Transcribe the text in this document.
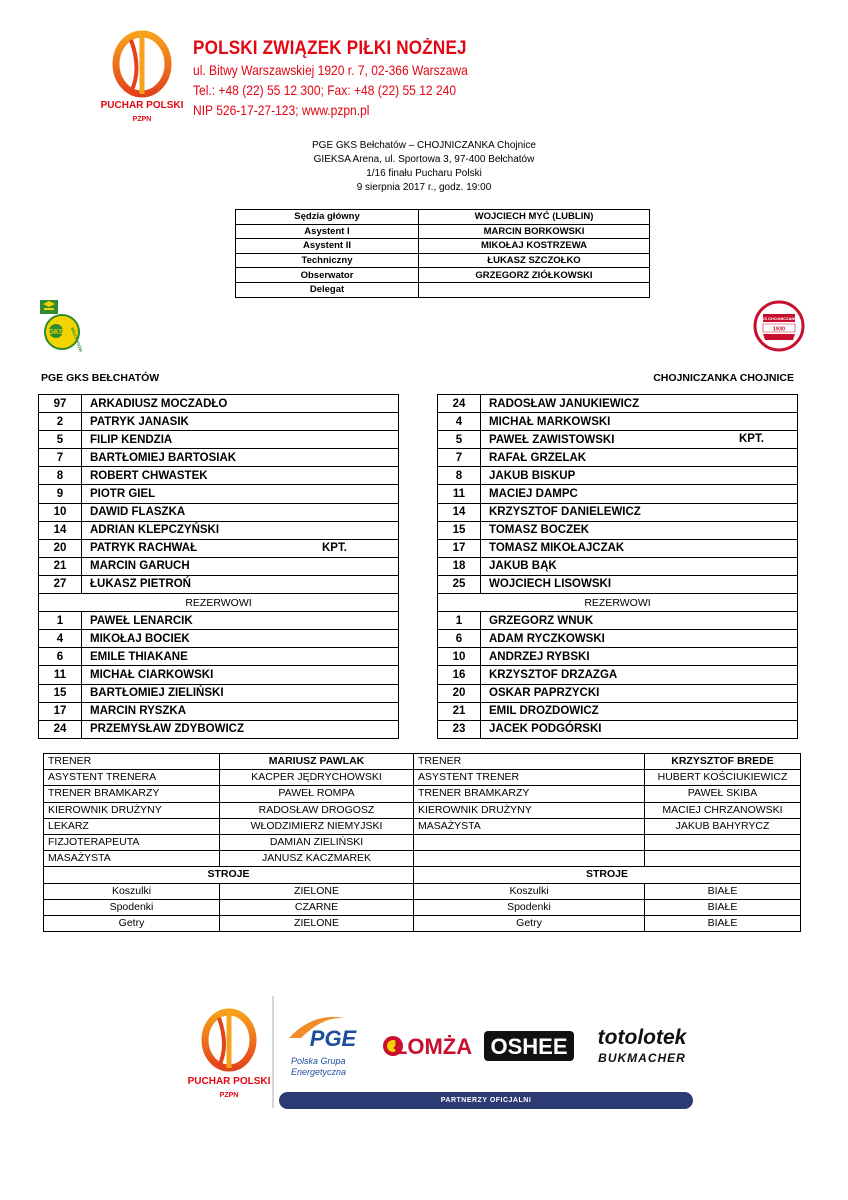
PUCHAR POLSKI
PZPN
POLSKI ZWIĄZEK PIŁKI NOŻNEJ
ul. Bitwy Warszawskiej 1920 r. 7, 02-366 Warszawa
Tel.: +48 (22) 55 12 300; Fax: +48 (22) 55 12 240
NIP 526-17-27-123; www.pzpn.pl
PGE GKS Bełchatów – CHOJNICZANKA Chojnice
GIEKSA Arena, ul. Sportowa 3, 97-400 Bełchatów
1/16 finału Pucharu Polski
9 sierpnia 2017 r., godz. 19:00
Sędzia główny	WOJCIECH MYĆ (LUBLIN)
Asystent I	MARCIN BORKOWSKI
Asystent II	MIKOŁAJ KOSTRZEWA
Techniczny	ŁUKASZ SZCZOŁKO
Obserwator	GRZEGORZ ZIÓŁKOWSKI
Delegat	
GKS BEŁCHATÓW
MKS CHOJNICZANKA
1930
PGE GKS BEŁCHATÓW	CHOJNICZANKA CHOJNICE
97	ARKADIUSZ MOCZADŁO
2	PATRYK JANASIK
5	FILIP KENDZIA
7	BARTŁOMIEJ BARTOSIAK
8	ROBERT CHWASTEK
9	PIOTR GIEL
10	DAWID FLASZKA
14	ADRIAN KLEPCZYŃSKI
20	PATRYK RACHWAŁ KPT.

21	MARCIN GARUCH
27	ŁUKASZ PIETROŃ
REZERWOWI	
1	PAWEŁ LENARCIK
4	MIKOŁAJ BOCIEK
6	EMILE THIAKANE
11	MICHAŁ CIARKOWSKI
15	BARTŁOMIEJ ZIELIŃSKI
17	MARCIN RYSZKA
24	PRZEMYSŁAW ZDYBOWICZ
24	RADOSŁAW JANUKIEWICZ
4	MICHAŁ MARKOWSKI
5	PAWEŁ ZAWISTOWSKI KPT.

7	RAFAŁ GRZELAK
8	JAKUB BISKUP
11	MACIEJ DAMPC
14	KRZYSZTOF DANIELEWICZ
15	TOMASZ BOCZEK
17	TOMASZ MIKOŁAJCZAK
18	JAKUB BĄK
25	WOJCIECH LISOWSKI
REZERWOWI	
1	GRZEGORZ WNUK
6	ADAM RYCZKOWSKI
10	ANDRZEJ RYBSKI
16	KRZYSZTOF DRZAZGA
20	OSKAR PAPRZYCKI
21	EMIL DROZDOWICZ
23	JACEK PODGÓRSKI
TRENER	MARIUSZ PAWLAK	TRENER	KRZYSZTOF BREDE
ASYSTENT TRENERA	KACPER JĘDRYCHOWSKI	ASYSTENT TRENER	HUBERT KOŚCIUKIEWICZ
TRENER BRAMKARZY	PAWEŁ ROMPA	TRENER BRAMKARZY	PAWEŁ SKIBA
KIEROWNIK DRUŻYNY	RADOSŁAW DROGOSZ	KIEROWNIK DRUŻYNY	MACIEJ CHRZANOWSKI
LEKARZ	WŁODZIMIERZ NIEMYJSKI	MASAŻYSTA	JAKUB BAHYRYCZ
FIZJOTERAPEUTA	DAMIAN ZIELIŃSKI		
MASAŻYSTA	JANUSZ KACZMAREK		
STROJE		STROJE	
Koszulki	ZIELONE	Koszulki	BIAŁE
Spodenki	CZARNE	Spodenki	BIAŁE
Getry	ZIELONE	Getry	BIAŁE
PUCHAR POLSKI
PZPN
PGE
Polska Grupa
Energetyczna
ŁOMŻA OSHEE totolotek
BUKMACHER
PARTNERZY OFICJALNI
